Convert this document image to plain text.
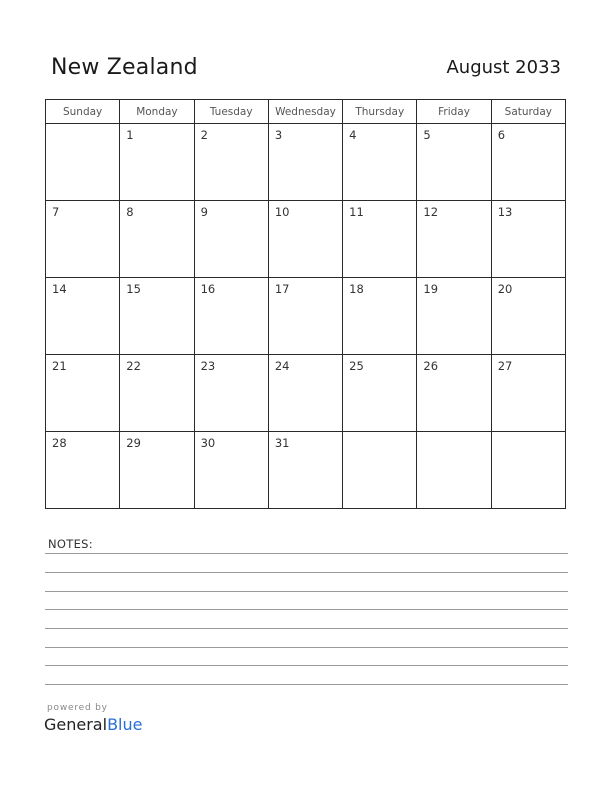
New Zealand	August 2033
Sunday	Monday	Tuesday	Wednesday	Thursday	Friday	Saturday

	1	2	3	4	5	6

7	8	9	10	11	12	13

14	15	16	17	18	19	20

21	22	23	24	25	26	27

28	29	30	31			

NOTES:
powered by
GeneralBlue
